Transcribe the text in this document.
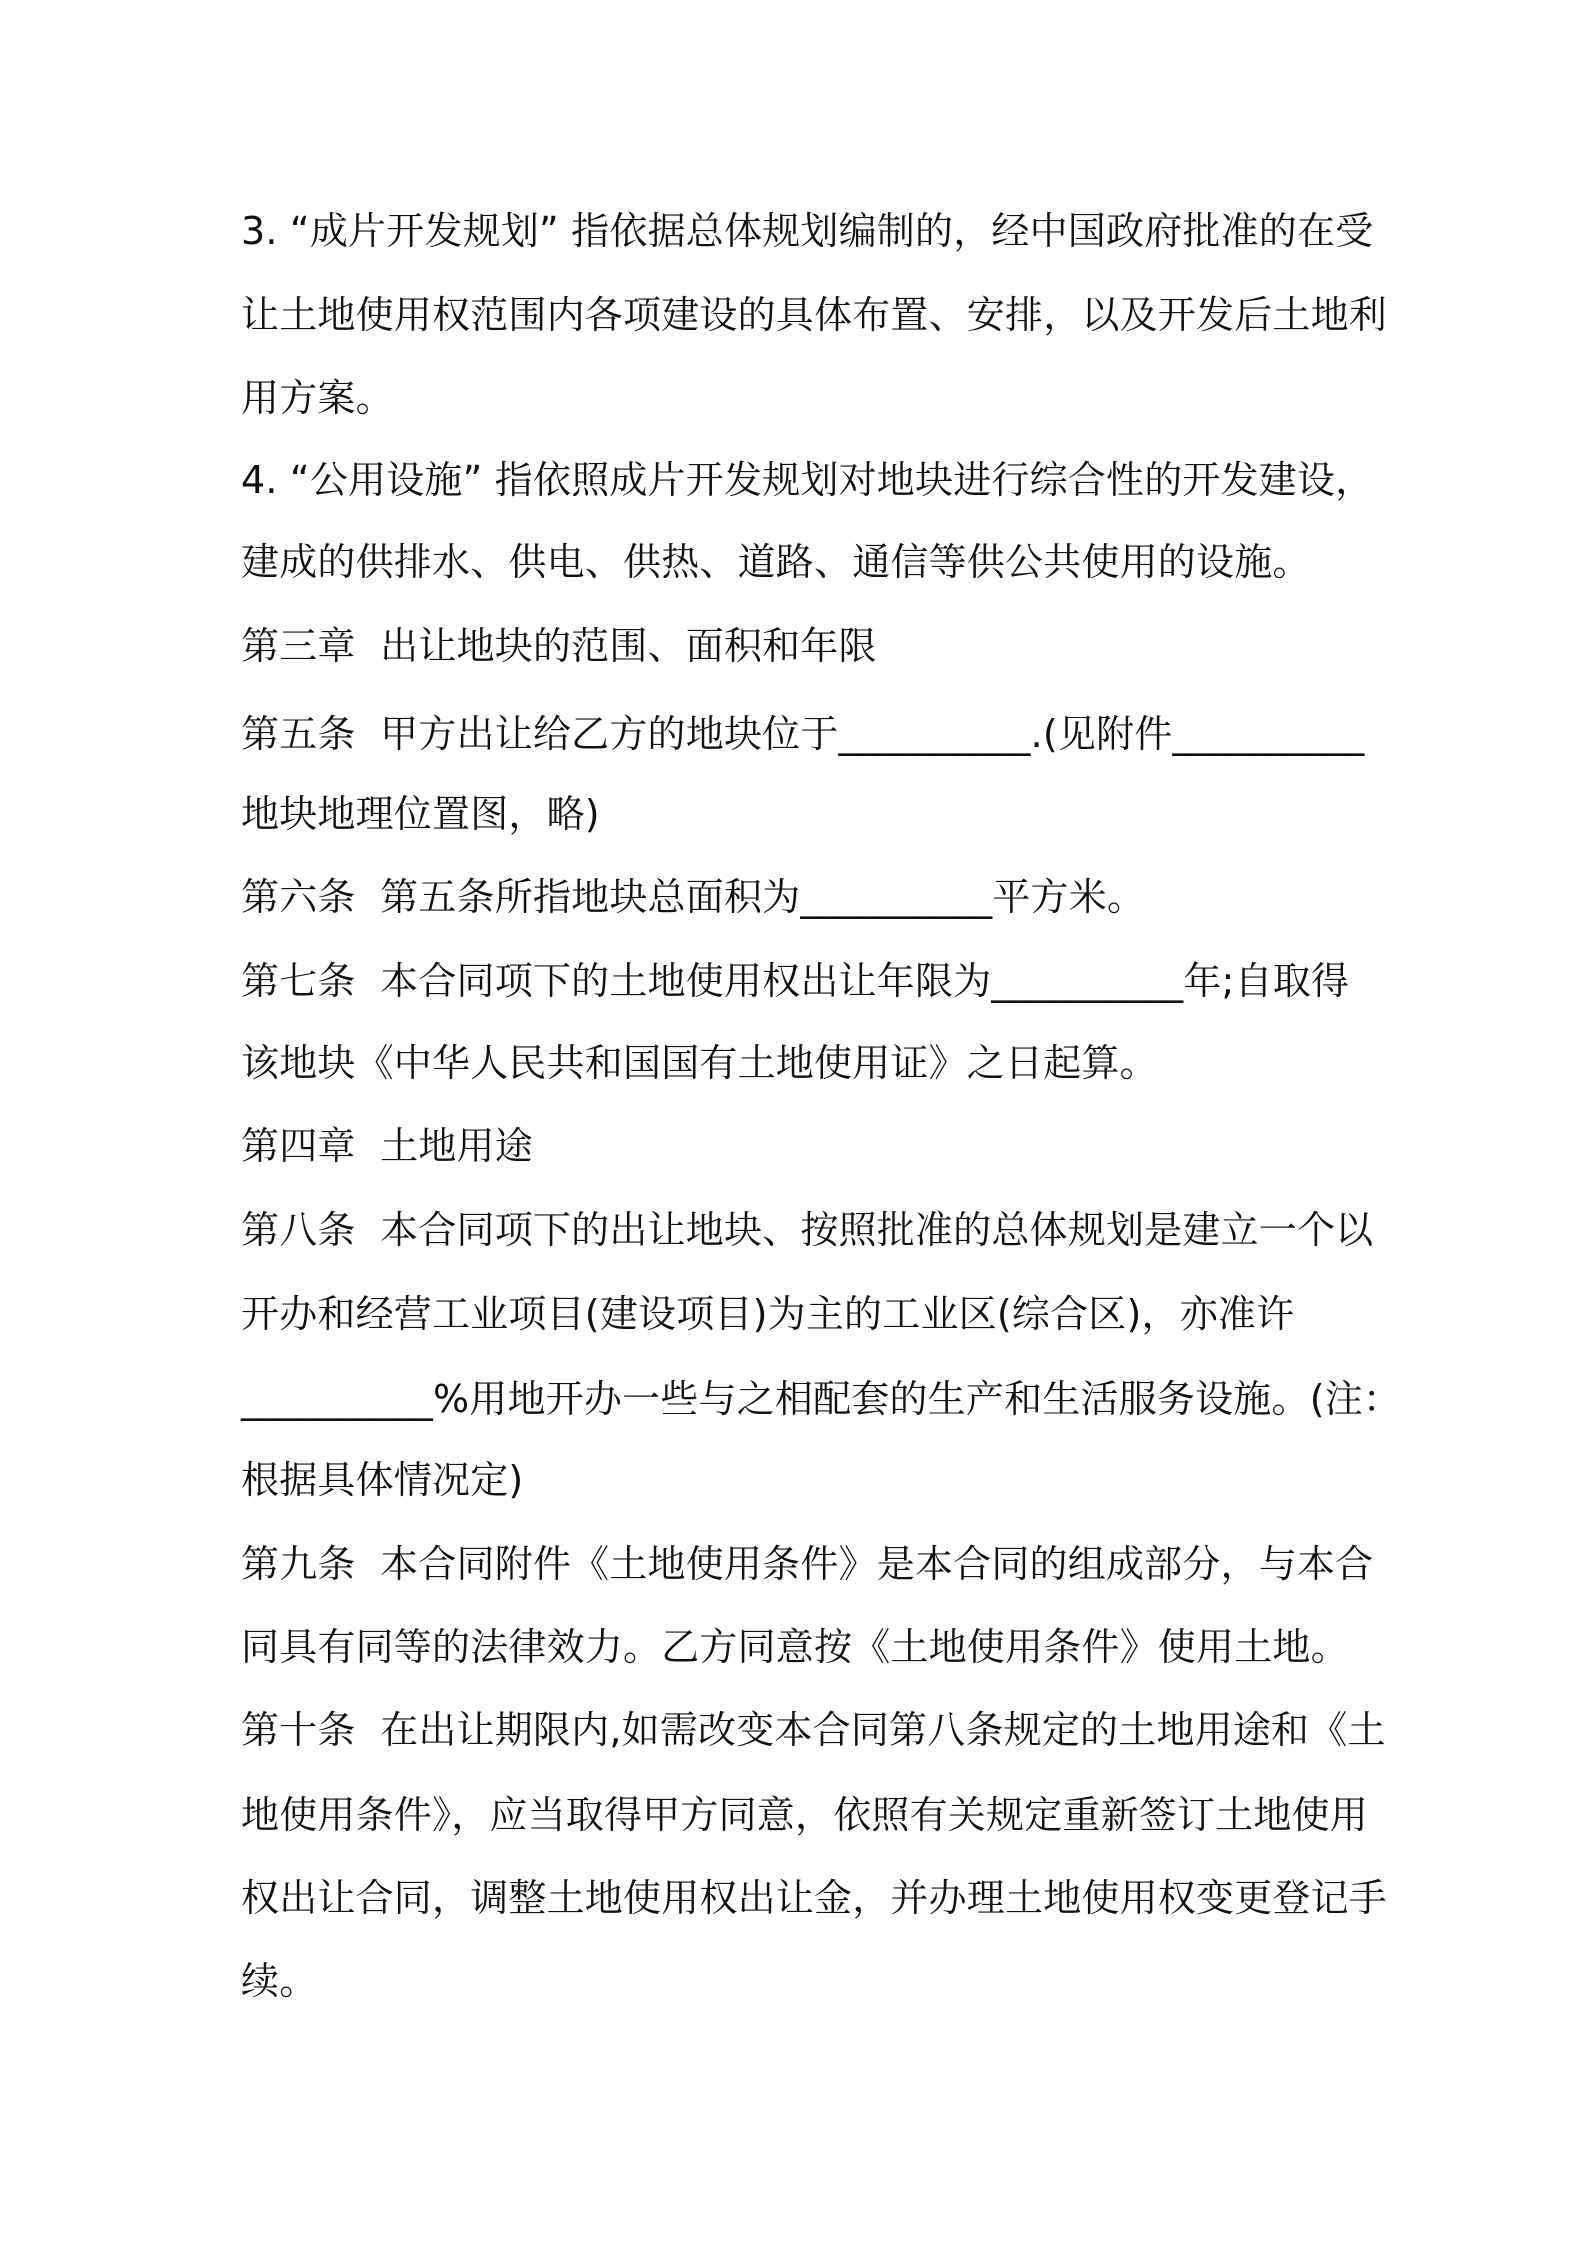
3. “成片开发规划” 指依据总体规划编制的，经中国政府批准的在受
让土地使用权范围内各项建设的具体布置、安排，以及开发后土地利
用方案。
4. “公用设施” 指依照成片开发规划对地块进行综合性的开发建设，
建成的供排水、供电、供热、道路、通信等供公共使用的设施。
第三章  出让地块的范围、面积和年限
第五条  甲方出让给乙方的地块位于__________.(见附件__________
地块地理位置图，略)
第六条  第五条所指地块总面积为__________平方米。
第七条  本合同项下的土地使用权出让年限为__________年;自取得
该地块《中华人民共和国国有土地使用证》之日起算。
第四章  土地用途
第八条  本合同项下的出让地块、按照批准的总体规划是建立一个以
开办和经营工业项目(建设项目)为主的工业区(综合区)，亦准许
__________%用地开办一些与之相配套的生产和生活服务设施。(注：
根据具体情况定)
第九条  本合同附件《土地使用条件》是本合同的组成部分，与本合
同具有同等的法律效力。乙方同意按《土地使用条件》使用土地。
第十条  在出让期限内,如需改变本合同第八条规定的土地用途和《土
地使用条件》，应当取得甲方同意，依照有关规定重新签订土地使用
权出让合同，调整土地使用权出让金，并办理土地使用权变更登记手
续。
